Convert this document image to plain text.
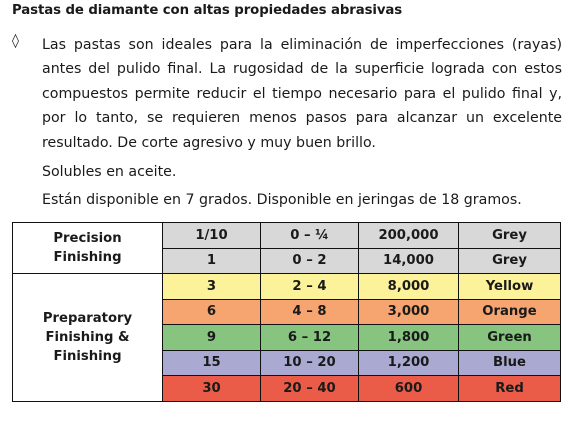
Pastas de diamante con altas propiedades abrasivas
◊ Las pastas son ideales para la eliminación de imperfecciones (rayas) antes del pulido final. La rugosidad de la superficie lograda con estos compuestos permite reducir el tiempo necesario para el pulido final y, por lo tanto, se requieren menos pasos para alcanzar un excelente resultado. De corte agresivo y muy buen brillo.
Solubles en aceite.
Están disponible en 7 grados. Disponible en jeringas de 18 gramos.
Precision Finishing	1/10	0 – ¼	200,000	Grey
	1	0 – 2	14,000	Grey
Preparatory Finishing & Finishing	3	2 – 4	8,000	Yellow
	6	4 – 8	3,000	Orange
	9	6 – 12	1,800	Green
	15	10 – 20	1,200	Blue
	30	20 – 40	600	Red
